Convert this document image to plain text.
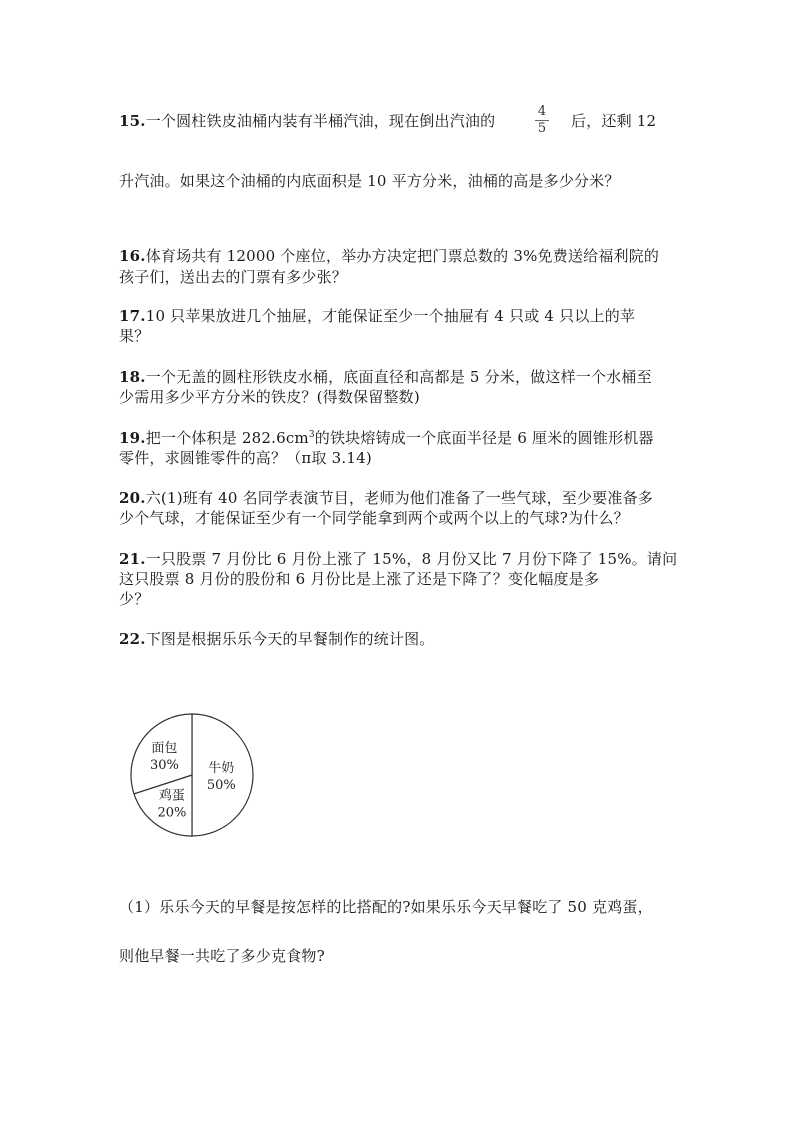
15.一个圆柱铁皮油桶内装有半桶汽油，现在倒出汽油的
4
5 后，还剩 12
升汽油。如果这个油桶的内底面积是 10 平方分米，油桶的高是多少分米？
16.体育场共有 12000 个座位，举办方决定把门票总数的 3%免费送给福利院的
孩子们，送出去的门票有多少张？
17.10 只苹果放进几个抽屉，才能保证至少一个抽屉有 4 只或 4 只以上的苹
果？
18.一个无盖的圆柱形铁皮水桶，底面直径和高都是 5 分米，做这样一个水桶至
少需用多少平方分米的铁皮？(得数保留整数)
19.把一个体积是 $282.6cm^3$的铁块熔铸成一个底面半径是 6 厘米的圆锥形机器
零件，求圆锥零件的高？（π取 3.14)
20.六(1)班有 40 名同学表演节目，老师为他们准备了一些气球，至少要准备多
少个气球，才能保证至少有一个同学能拿到两个或两个以上的气球?为什么？
21.一只股票 7 月份比 6 月份上涨了 15%，8 月份又比 7 月份下降了 15%。请问
这只股票 8 月份的股份和 6 月份比是上涨了还是下降了？变化幅度是多
少？
22.下图是根据乐乐今天的早餐制作的统计图。
牛奶
50%
鸡蛋
20%
面包
30%
（1）乐乐今天的早餐是按怎样的比搭配的?如果乐乐今天早餐吃了 50 克鸡蛋，
则他早餐一共吃了多少克食物?
